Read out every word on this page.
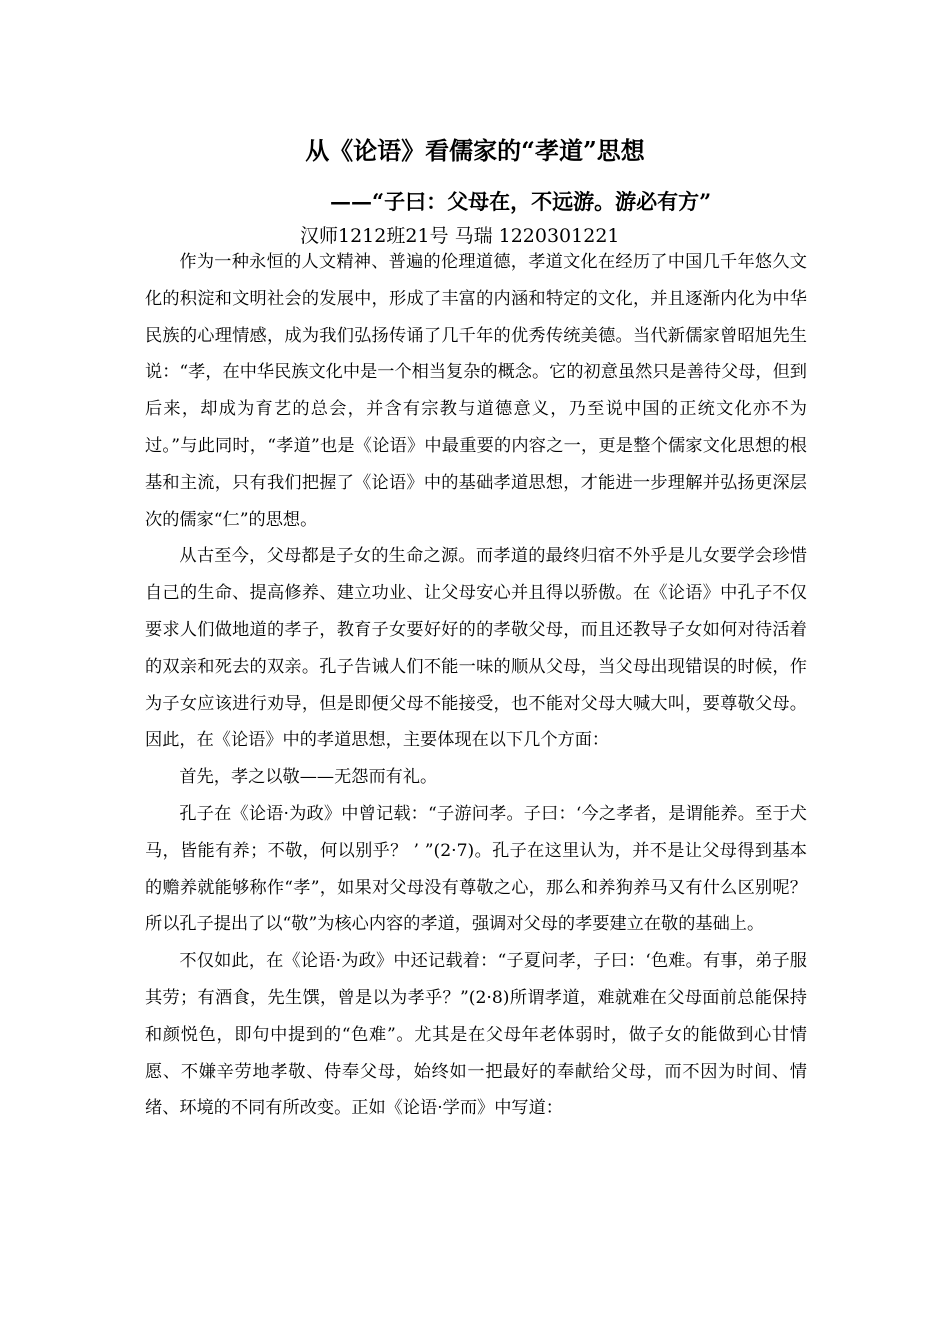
从《论语》看儒家的“孝道”思想
——“子曰：父母在，不远游。游必有方”
汉师1212班21号 马瑞 1220301221

作为一种永恒的人文精神、普遍的伦理道德，孝道文化在经历了中国几千年悠久文化的积淀和文明社会的发展中，形成了丰富的内涵和特定的文化，并且逐渐内化为中华民族的心理情感，成为我们弘扬传诵了几千年的优秀传统美德。当代新儒家曾昭旭先生说：“孝，在中华民族文化中是一个相当复杂的概念。它的初意虽然只是善待父母，但到后来，却成为育艺的总会，并含有宗教与道德意义，乃至说中国的正统文化亦不为过。”与此同时，“孝道”也是《论语》中最重要的内容之一，更是整个儒家文化思想的根基和主流，只有我们把握了《论语》中的基础孝道思想，才能进一步理解并弘扬更深层次的儒家“仁”的思想。

从古至今，父母都是子女的生命之源。而孝道的最终归宿不外乎是儿女要学会珍惜自己的生命、提高修养、建立功业、让父母安心并且得以骄傲。在《论语》中孔子不仅要求人们做地道的孝子，教育子女要好好的的孝敬父母，而且还教导子女如何对待活着的双亲和死去的双亲。孔子告诫人们不能一味的顺从父母，当父母出现错误的时候，作为子女应该进行劝导，但是即便父母不能接受，也不能对父母大喊大叫，要尊敬父母。因此，在《论语》中的孝道思想，主要体现在以下几个方面：

首先，孝之以敬——无怨而有礼。

孔子在《论语·为政》中曾记载：“子游问孝。子曰：‘今之孝者，是谓能养。至于犬马，皆能有养；不敬，何以别乎？ ’ ”(2·7)。孔子在这里认为，并不是让父母得到基本的赡养就能够称作“孝”，如果对父母没有尊敬之心，那么和养狗养马又有什么区别呢？所以孔子提出了以“敬”为核心内容的孝道，强调对父母的孝要建立在敬的基础上。

不仅如此，在《论语·为政》中还记载着：“子夏问孝，子曰：‘色难。有事，弟子服其劳；有酒食，先生馔，曾是以为孝乎？”(2·8)所谓孝道，难就难在父母面前总能保持和颜悦色，即句中提到的“色难”。尤其是在父母年老体弱时，做子女的能做到心甘情愿、不嫌辛劳地孝敬、侍奉父母，始终如一把最好的奉献给父母，而不因为时间、情绪、环境的不同有所改变。正如《论语·学而》中写道：
